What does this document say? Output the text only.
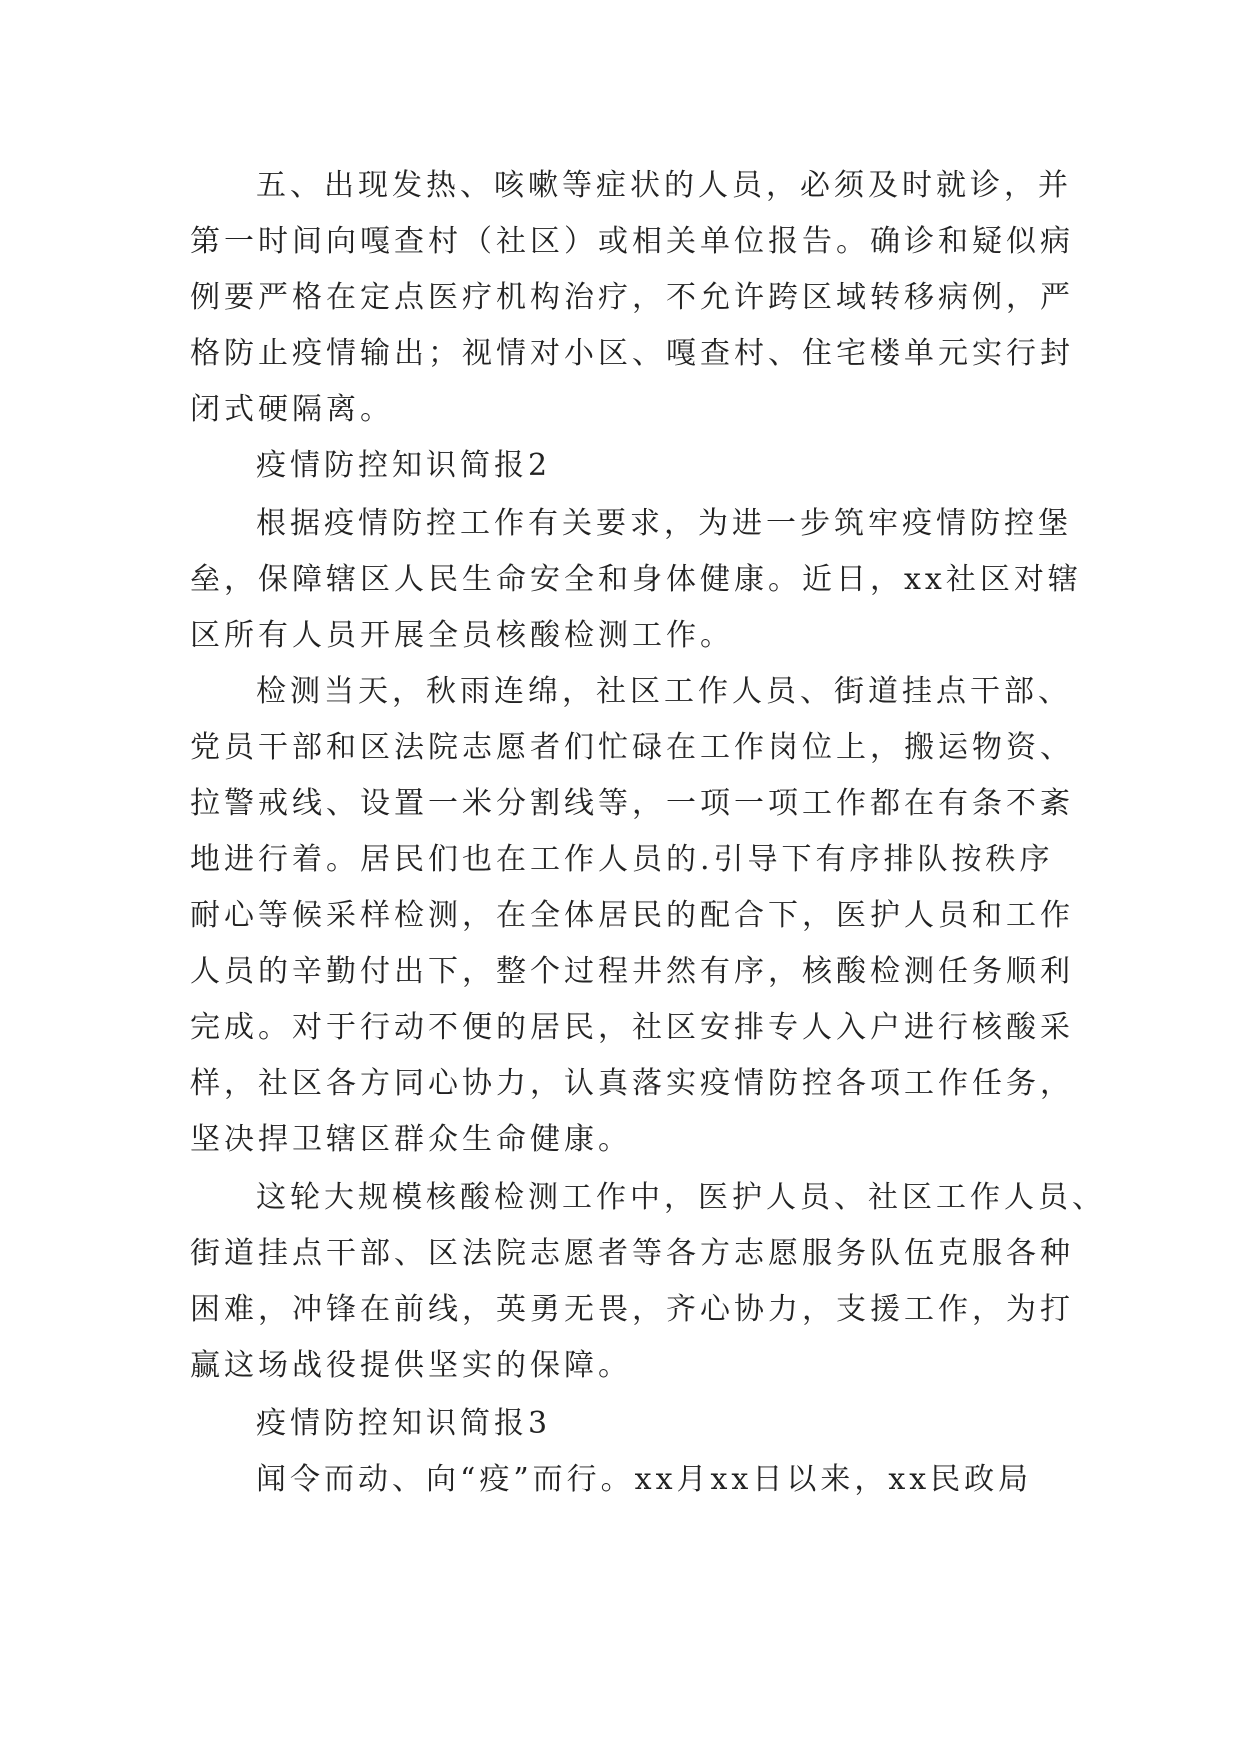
五、出现发热、咳嗽等症状的人员，必须及时就诊，并
第一时间向嘎查村（社区）或相关单位报告。确诊和疑似病
例要严格在定点医疗机构治疗，不允许跨区域转移病例，严
格防止疫情输出；视情对小区、嘎查村、住宅楼单元实行封
闭式硬隔离。
疫情防控知识简报2
根据疫情防控工作有关要求，为进一步筑牢疫情防控堡
垒，保障辖区人民生命安全和身体健康。近日，xx社区对辖
区所有人员开展全员核酸检测工作。
检测当天，秋雨连绵，社区工作人员、街道挂点干部、
党员干部和区法院志愿者们忙碌在工作岗位上，搬运物资、
拉警戒线、设置一米分割线等，一项一项工作都在有条不紊
地进行着。居民们也在工作人员的.引导下有序排队按秩序
耐心等候采样检测，在全体居民的配合下，医护人员和工作
人员的辛勤付出下，整个过程井然有序，核酸检测任务顺利
完成。对于行动不便的居民，社区安排专人入户进行核酸采
样，社区各方同心协力，认真落实疫情防控各项工作任务，
坚决捍卫辖区群众生命健康。
这轮大规模核酸检测工作中，医护人员、社区工作人员、
街道挂点干部、区法院志愿者等各方志愿服务队伍克服各种
困难，冲锋在前线，英勇无畏，齐心协力，支援工作，为打
赢这场战役提供坚实的保障。
疫情防控知识简报3
闻令而动、向“疫”而行。xx月xx日以来，xx民政局
